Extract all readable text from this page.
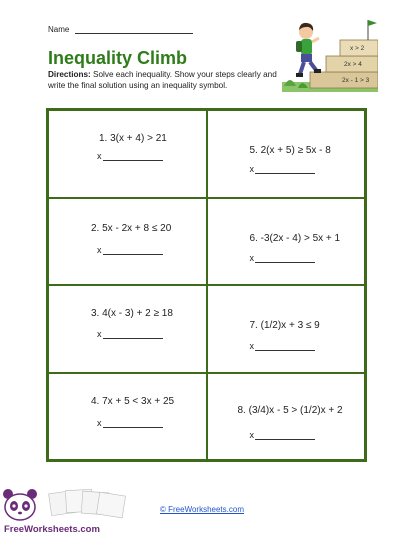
Name
Inequality Climb
Directions: Solve each inequality. Show your steps clearly and write the final solution using an inequality symbol.
2x - 1 > 3
2x > 4
x > 2
1. 3(x + 4) > 21
x	5. 2(x + 5) ≥ 5x - 8
x
2. 5x - 2x + 8 ≤ 20
x
6. -3(2x - 4) > 5x + 1
x
3. 4(x - 3) + 2 ≥ 18
x
7. (1/2)x + 3 ≤ 9
x
4. 7x + 5 < 3x + 25
x
8. (3/4)x - 5 > (1/2)x + 2
x
FreeWorksheets.com
© FreeWorksheets.com
